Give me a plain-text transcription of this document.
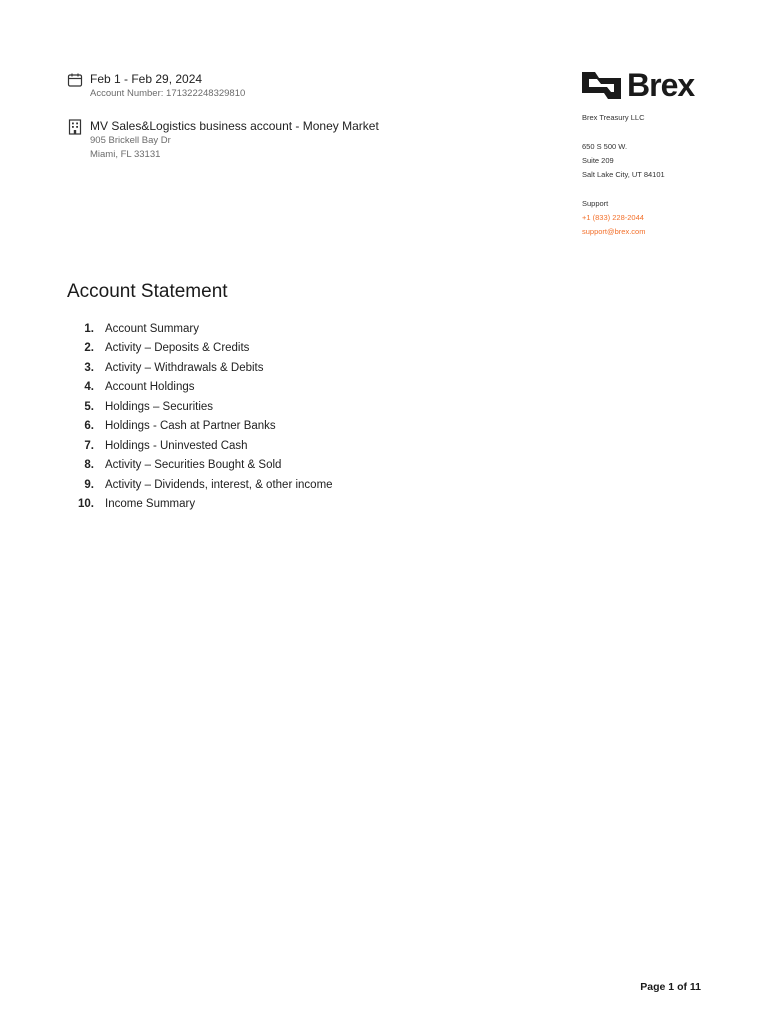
Feb 1 - Feb 29, 2024
Account Number: 171322248329810
MV Sales&Logistics business account - Money Market
905 Brickell Bay Dr
Miami, FL 33131
Brex
Brex Treasury LLC
650 S 500 W.
Suite 209
Salt Lake City, UT 84101
Support
+1 (833) 228-2044
support@brex.com
Account Statement
1. Account Summary
2. Activity – Deposits & Credits
3. Activity – Withdrawals & Debits
4. Account Holdings
5. Holdings – Securities
6. Holdings - Cash at Partner Banks
7. Holdings - Uninvested Cash
8. Activity – Securities Bought & Sold
9. Activity – Dividends, interest, & other income
10. Income Summary
Page 1 of 11
